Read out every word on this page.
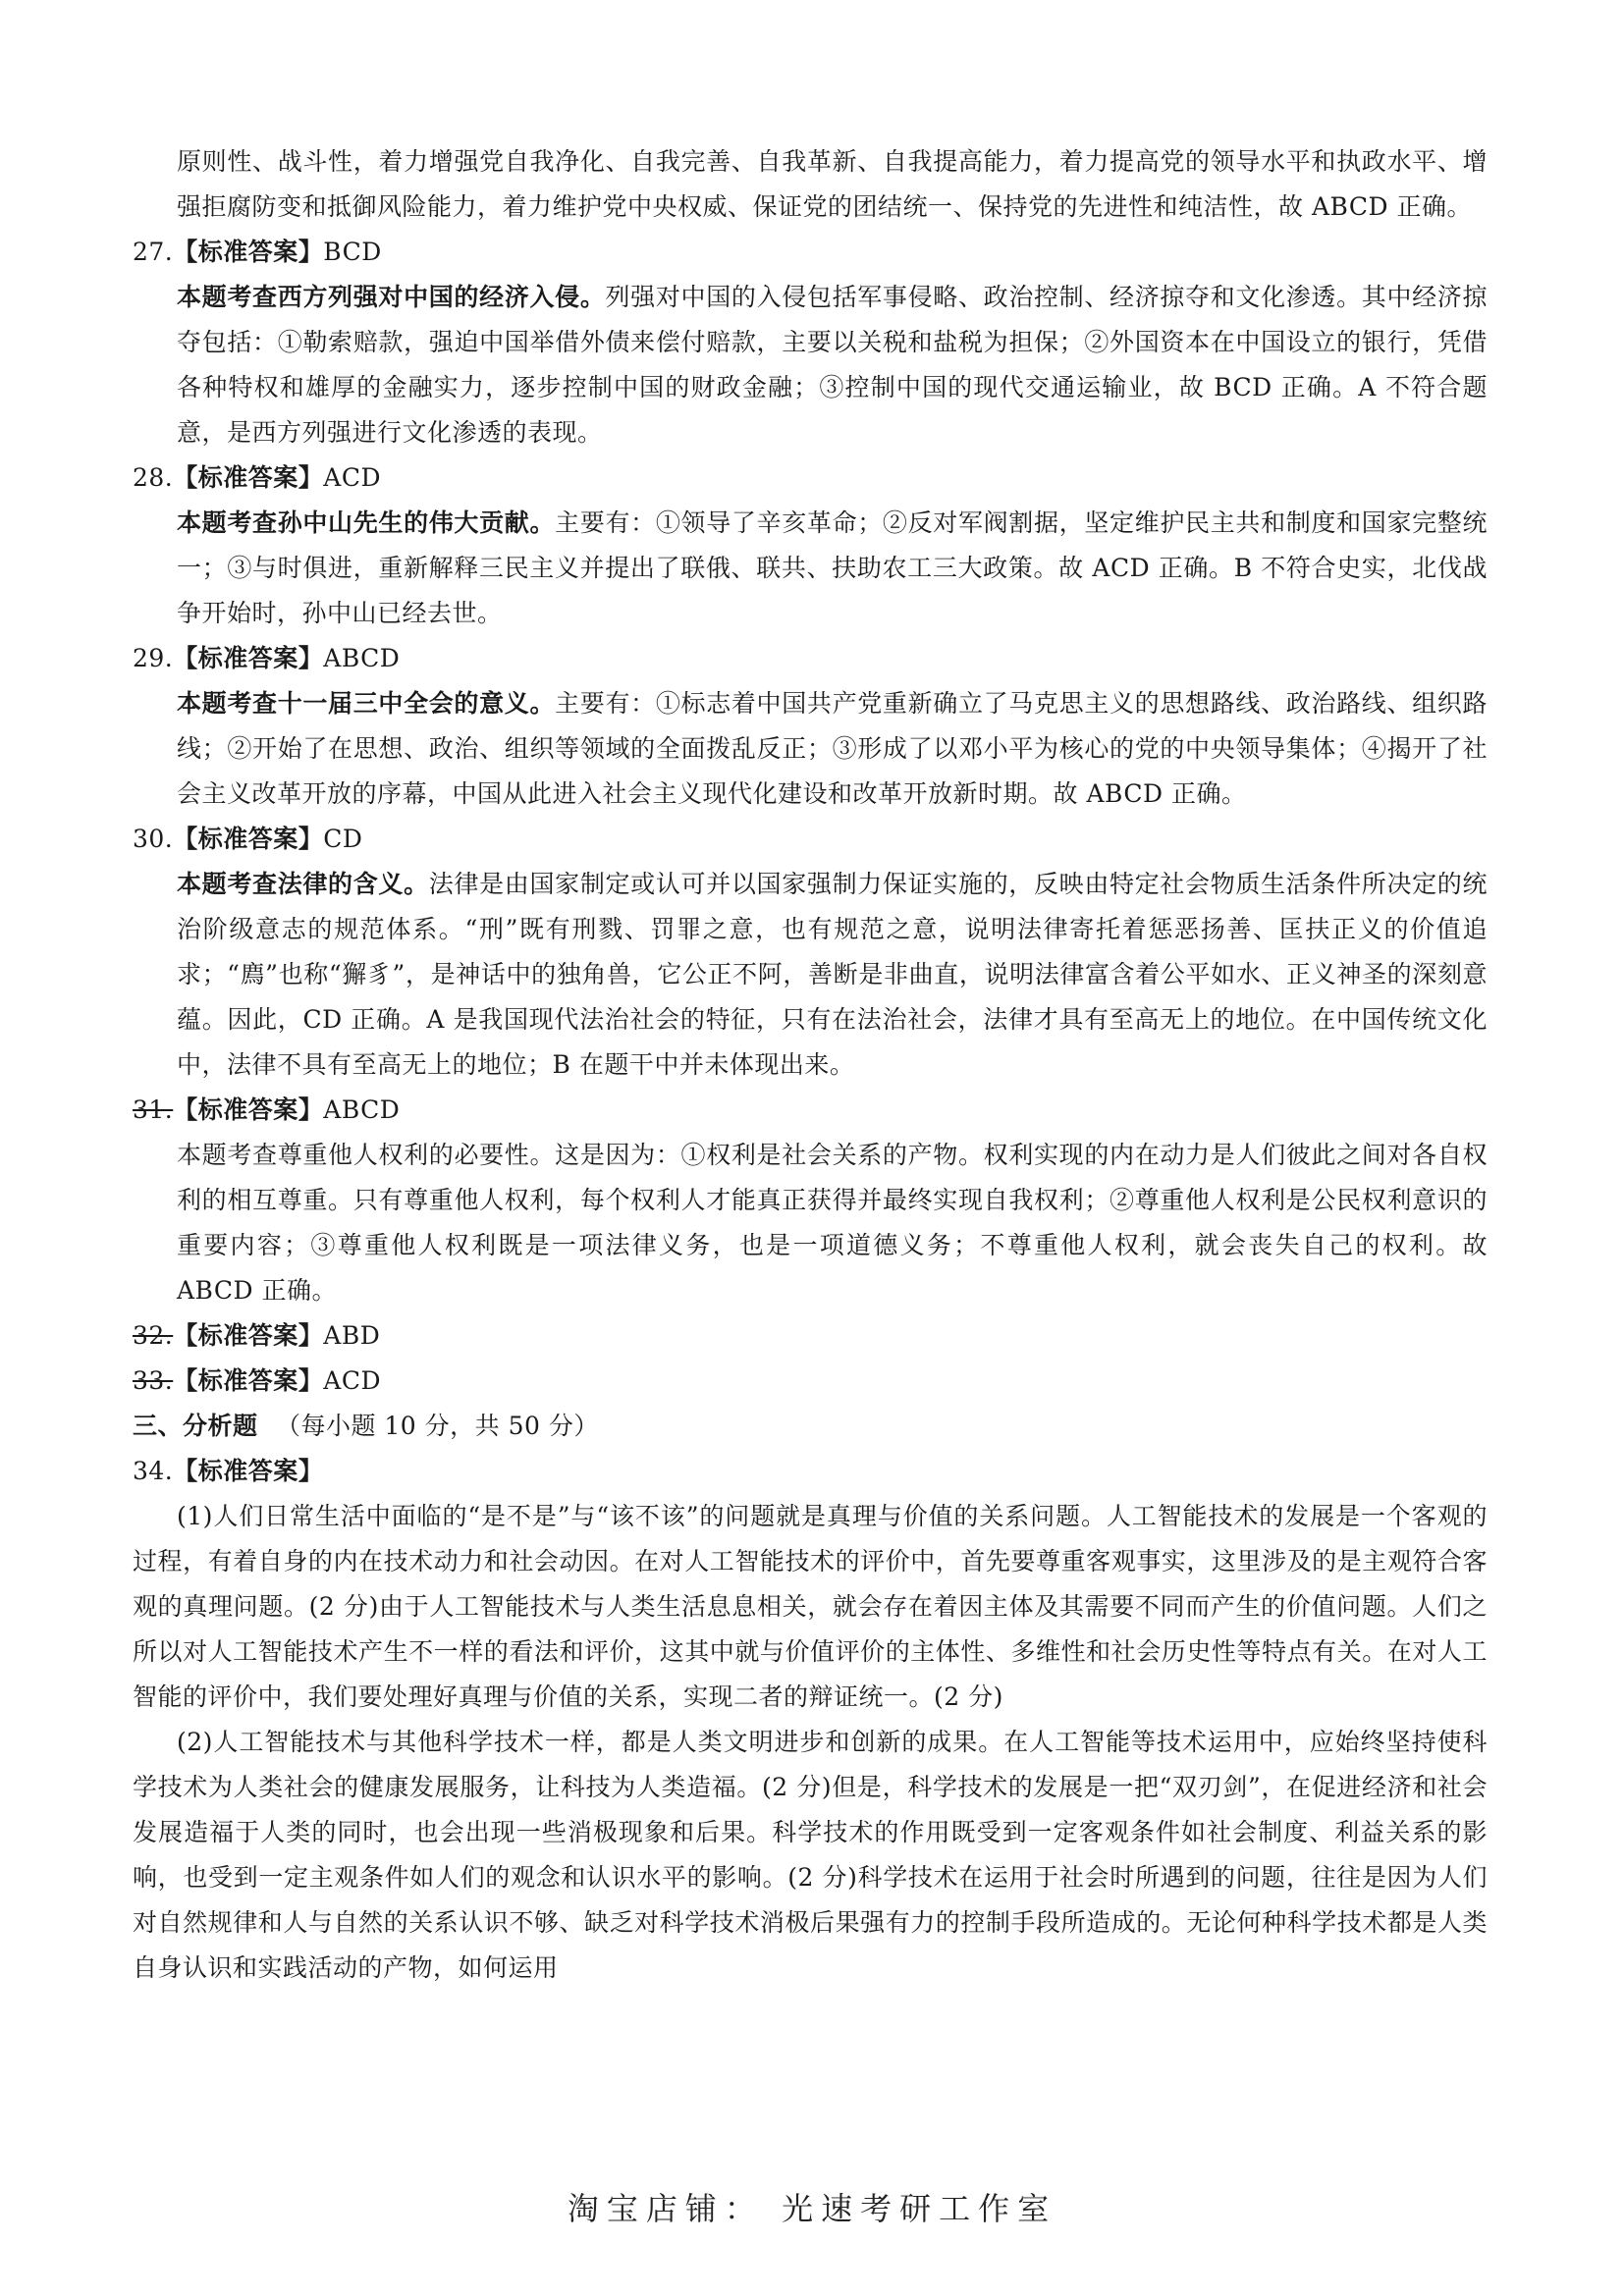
原则性、战斗性，着力增强党自我净化、自我完善、自我革新、自我提高能力，着力提高党的领导水平和执政水平、增强拒腐防变和抵御风险能力，着力维护党中央权威、保证党的团结统一、保持党的先进性和纯洁性，故 ABCD 正确。

27.【标准答案】BCD

本题考查西方列强对中国的经济入侵。列强对中国的入侵包括军事侵略、政治控制、经济掠夺和文化渗透。其中经济掠夺包括：①勒索赔款，强迫中国举借外债来偿付赔款，主要以关税和盐税为担保；②外国资本在中国设立的银行，凭借各种特权和雄厚的金融实力，逐步控制中国的财政金融；③控制中国的现代交通运输业，故 BCD 正确。A 不符合题意，是西方列强进行文化渗透的表现。

28.【标准答案】ACD

本题考查孙中山先生的伟大贡献。主要有：①领导了辛亥革命；②反对军阀割据，坚定维护民主共和制度和国家完整统一；③与时俱进，重新解释三民主义并提出了联俄、联共、扶助农工三大政策。故 ACD 正确。B 不符合史实，北伐战争开始时，孙中山已经去世。

29.【标准答案】ABCD

本题考查十一届三中全会的意义。主要有：①标志着中国共产党重新确立了马克思主义的思想路线、政治路线、组织路线；②开始了在思想、政治、组织等领域的全面拨乱反正；③形成了以邓小平为核心的党的中央领导集体；④揭开了社会主义改革开放的序幕，中国从此进入社会主义现代化建设和改革开放新时期。故 ABCD 正确。

30.【标准答案】CD

本题考查法律的含义。法律是由国家制定或认可并以国家强制力保证实施的，反映由特定社会物质生活条件所决定的统治阶级意志的规范体系。“刑”既有刑戮、罚罪之意，也有规范之意，说明法律寄托着惩恶扬善、匡扶正义的价值追求；“廌”也称“獬豸”，是神话中的独角兽，它公正不阿，善断是非曲直，说明法律富含着公平如水、正义神圣的深刻意蕴。因此，CD 正确。A 是我国现代法治社会的特征，只有在法治社会，法律才具有至高无上的地位。在中国传统文化中，法律不具有至高无上的地位；B 在题干中并未体现出来。

31.【标准答案】ABCD

本题考查尊重他人权利的必要性。这是因为：①权利是社会关系的产物。权利实现的内在动力是人们彼此之间对各自权利的相互尊重。只有尊重他人权利，每个权利人才能真正获得并最终实现自我权利；②尊重他人权利是公民权利意识的重要内容；③尊重他人权利既是一项法律义务，也是一项道德义务；不尊重他人权利，就会丧失自己的权利。故 ABCD 正确。

32.【标准答案】ABD
33.【标准答案】ACD
三、分析题 （每小题 10 分，共 50 分）
34.【标准答案】

(1)人们日常生活中面临的“是不是”与“该不该”的问题就是真理与价值的关系问题。人工智能技术的发展是一个客观的过程，有着自身的内在技术动力和社会动因。在对人工智能技术的评价中，首先要尊重客观事实，这里涉及的是主观符合客观的真理问题。(2 分)由于人工智能技术与人类生活息息相关，就会存在着因主体及其需要不同而产生的价值问题。人们之所以对人工智能技术产生不一样的看法和评价，这其中就与价值评价的主体性、多维性和社会历史性等特点有关。在对人工智能的评价中，我们要处理好真理与价值的关系，实现二者的辩证统一。(2 分)

(2)人工智能技术与其他科学技术一样，都是人类文明进步和创新的成果。在人工智能等技术运用中，应始终坚持使科学技术为人类社会的健康发展服务，让科技为人类造福。(2 分)但是，科学技术的发展是一把“双刃剑”，在促进经济和社会发展造福于人类的同时，也会出现一些消极现象和后果。科学技术的作用既受到一定客观条件如社会制度、利益关系的影响，也受到一定主观条件如人们的观念和认识水平的影响。(2 分)科学技术在运用于社会时所遇到的问题，往往是因为人们对自然规律和人与自然的关系认识不够、缺乏对科学技术消极后果强有力的控制手段所造成的。无论何种科学技术都是人类自身认识和实践活动的产物，如何运用

淘宝店铺： 光速考研工作室
